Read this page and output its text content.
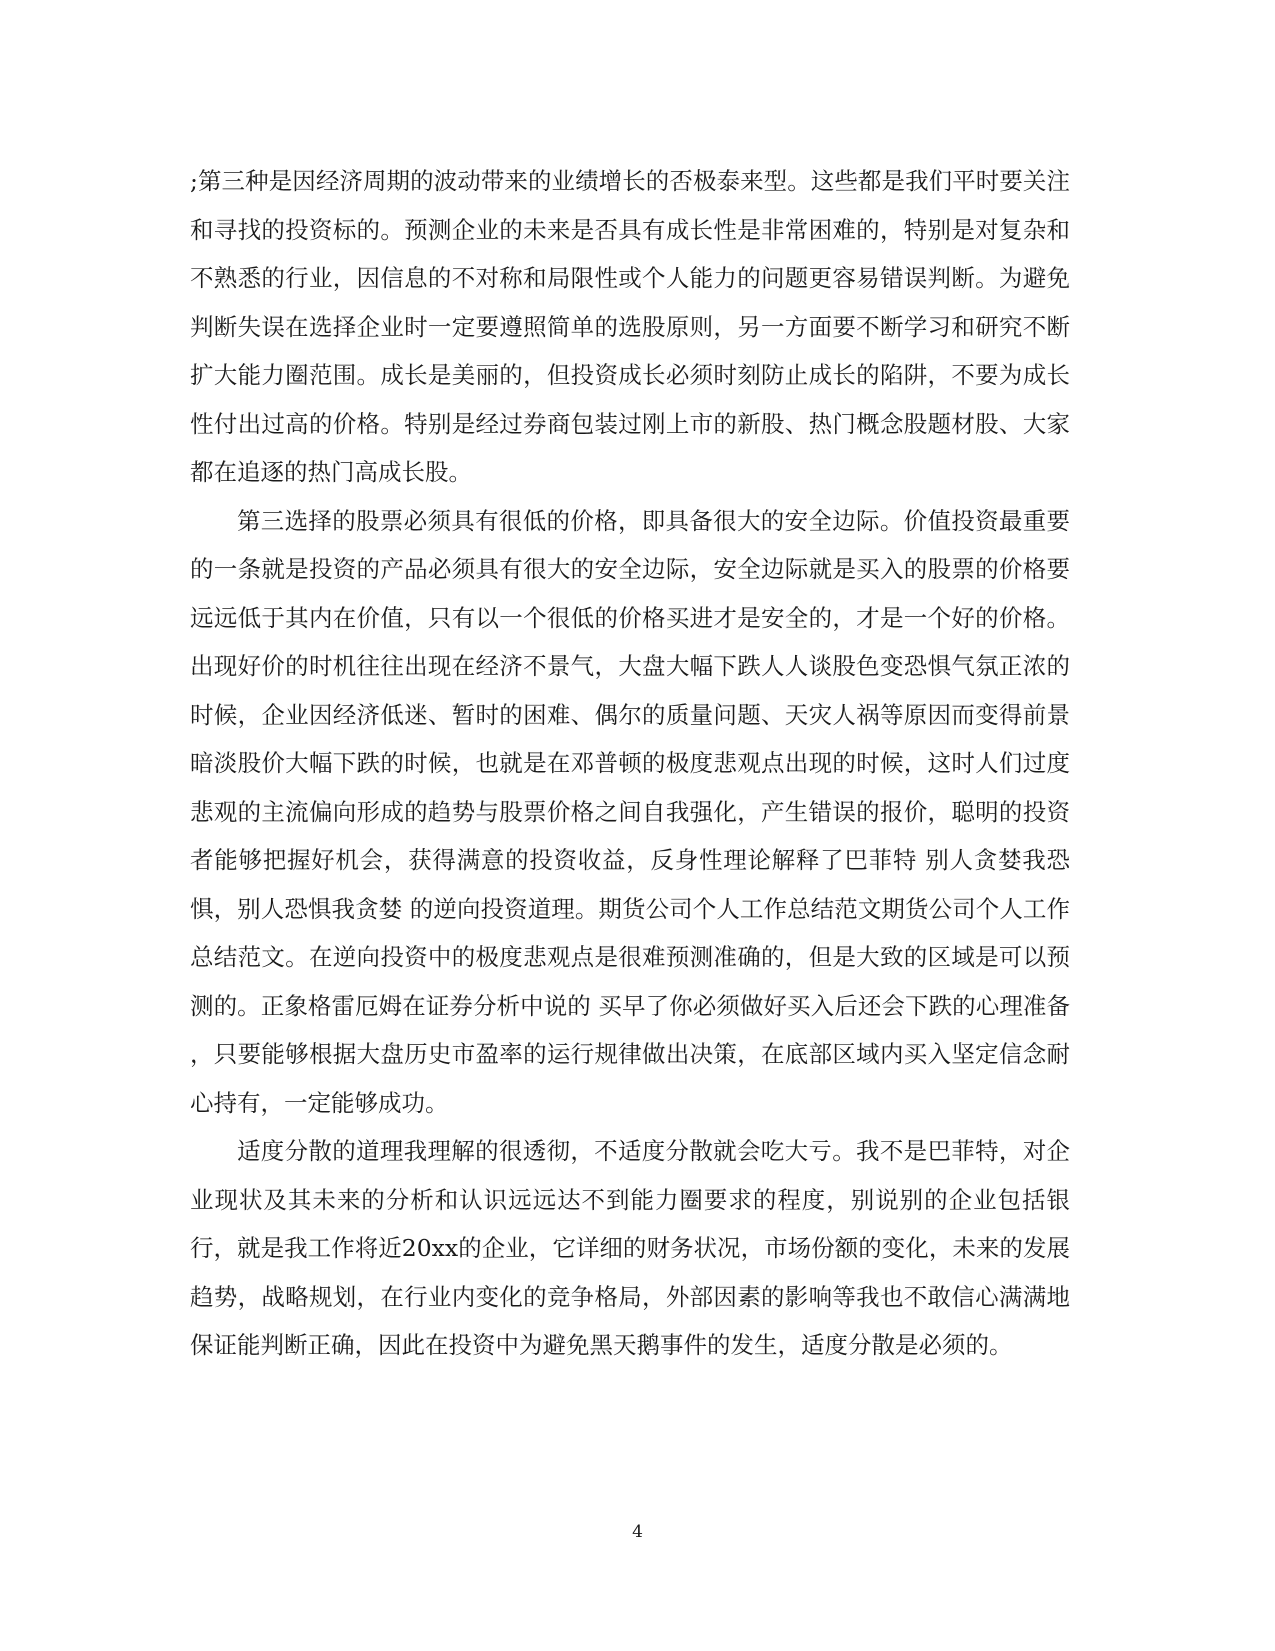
;第三种是因经济周期的波动带来的业绩增长的否极泰来型。这些都是我们平时要关注和寻找的投资标的。预测企业的未来是否具有成长性是非常困难的，特别是对复杂和不熟悉的行业，因信息的不对称和局限性或个人能力的问题更容易错误判断。为避免判断失误在选择企业时一定要遵照简单的选股原则，另一方面要不断学习和研究不断扩大能力圈范围。成长是美丽的，但投资成长必须时刻防止成长的陷阱，不要为成长性付出过高的价格。特别是经过券商包装过刚上市的新股、热门概念股题材股、大家都在追逐的热门高成长股。

第三选择的股票必须具有很低的价格，即具备很大的安全边际。价值投资最重要的一条就是投资的产品必须具有很大的安全边际，安全边际就是买入的股票的价格要远远低于其内在价值，只有以一个很低的价格买进才是安全的，才是一个好的价格。出现好价的时机往往出现在经济不景气，大盘大幅下跌人人谈股色变恐惧气氛正浓的时候，企业因经济低迷、暂时的困难、偶尔的质量问题、天灾人祸等原因而变得前景暗淡股价大幅下跌的时候，也就是在邓普顿的极度悲观点出现的时候，这时人们过度悲观的主流偏向形成的趋势与股票价格之间自我强化，产生错误的报价，聪明的投资者能够把握好机会，获得满意的投资收益，反身性理论解释了巴菲特 别人贪婪我恐惧，别人恐惧我贪婪 的逆向投资道理。期货公司个人工作总结范文期货公司个人工作总结范文。在逆向投资中的极度悲观点是很难预测准确的，但是大致的区域是可以预测的。正象格雷厄姆在证券分析中说的 买早了你必须做好买入后还会下跌的心理准备 ，只要能够根据大盘历史市盈率的运行规律做出决策，在底部区域内买入坚定信念耐心持有，一定能够成功。

适度分散的道理我理解的很透彻，不适度分散就会吃大亏。我不是巴菲特，对企业现状及其未来的分析和认识远远达不到能力圈要求的程度，别说别的企业包括银行，就是我工作将近20xx的企业，它详细的财务状况，市场份额的变化，未来的发展趋势，战略规划，在行业内变化的竞争格局，外部因素的影响等我也不敢信心满满地保证能判断正确，因此在投资中为避免黑天鹅事件的发生，适度分散是必须的。

4
